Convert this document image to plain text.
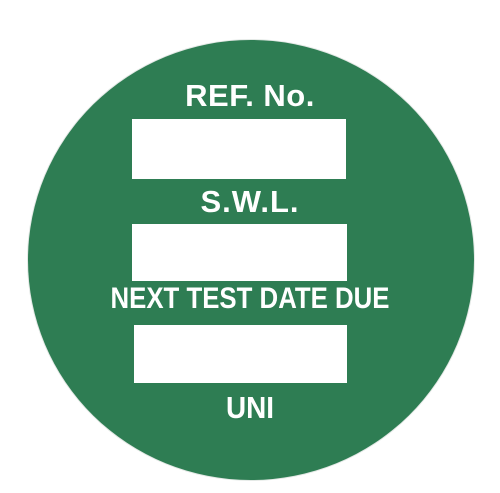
REF. No.
S.W.L.
NEXT TEST DATE DUE
UNI
